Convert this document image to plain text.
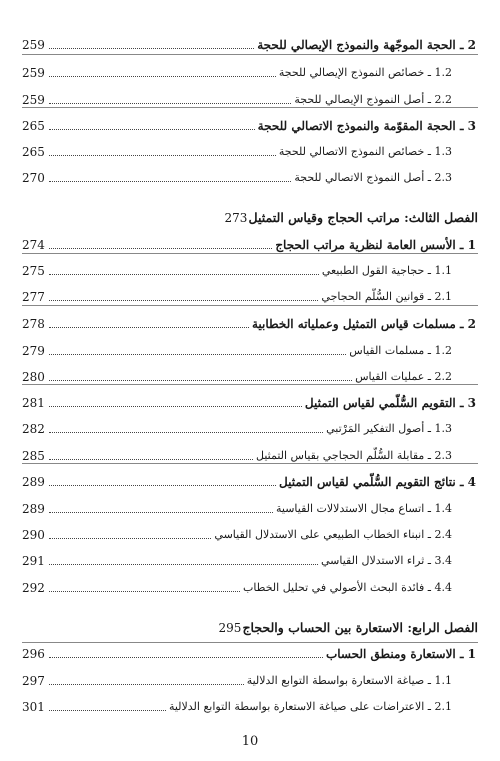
2 ـ الحجة الموجّهة والنموذج الإيصالي للحجة
259
1.2 ـ خصائص النموذج الإيصالي للحجة
259
2.2 ـ أصل النموذج الإيصالي للحجة
259
3 ـ الحجة المقوّمة والنموذج الاتصالي للحجة
265
1.3 ـ خصائص النموذج الاتصالي للحجة
265
2.3 ـ أصل النموذج الاتصالي للحجة
270
الفصل الثالث: مراتب الحجاج وقياس التمثيل
273
1 ـ الأسس العامة لنظرية مراتب الحجاج
274
1.1 ـ حجاجية القول الطبيعي
275
2.1 ـ قوانين السُّلّم الحجاجي
277
2 ـ مسلمات قياس التمثيل وعملياته الخطابية
278
1.2 ـ مسلمات القياس
279
2.2 ـ عمليات القياس
280
3 ـ التقويم السُّلّمي لقياس التمثيل
281
1.3 ـ أصول التفكير المَرْتبي
282
2.3 ـ مقابلة السُّلّم الحجاجي بقياس التمثيل
285
4 ـ نتائج التقويم السُّلّمي لقياس التمثيل
289
1.4 ـ اتساع مجال الاستدلالات القياسية
289
2.4 ـ انبناء الخطاب الطبيعي على الاستدلال القياسي
290
3.4 ـ ثراء الاستدلال القياسي
291
4.4 ـ فائدة البحث الأصولي في تحليل الخطاب
292
الفصل الرابع: الاستعارة بين الحساب والحجاج
295
1 ـ الاستعارة ومنطق الحساب
296
1.1 ـ صياغة الاستعارة بواسطة التوابع الدلالية
297
2.1 ـ الاعتراضات على صياغة الاستعارة بواسطة التوابع الدلالية
301
10
